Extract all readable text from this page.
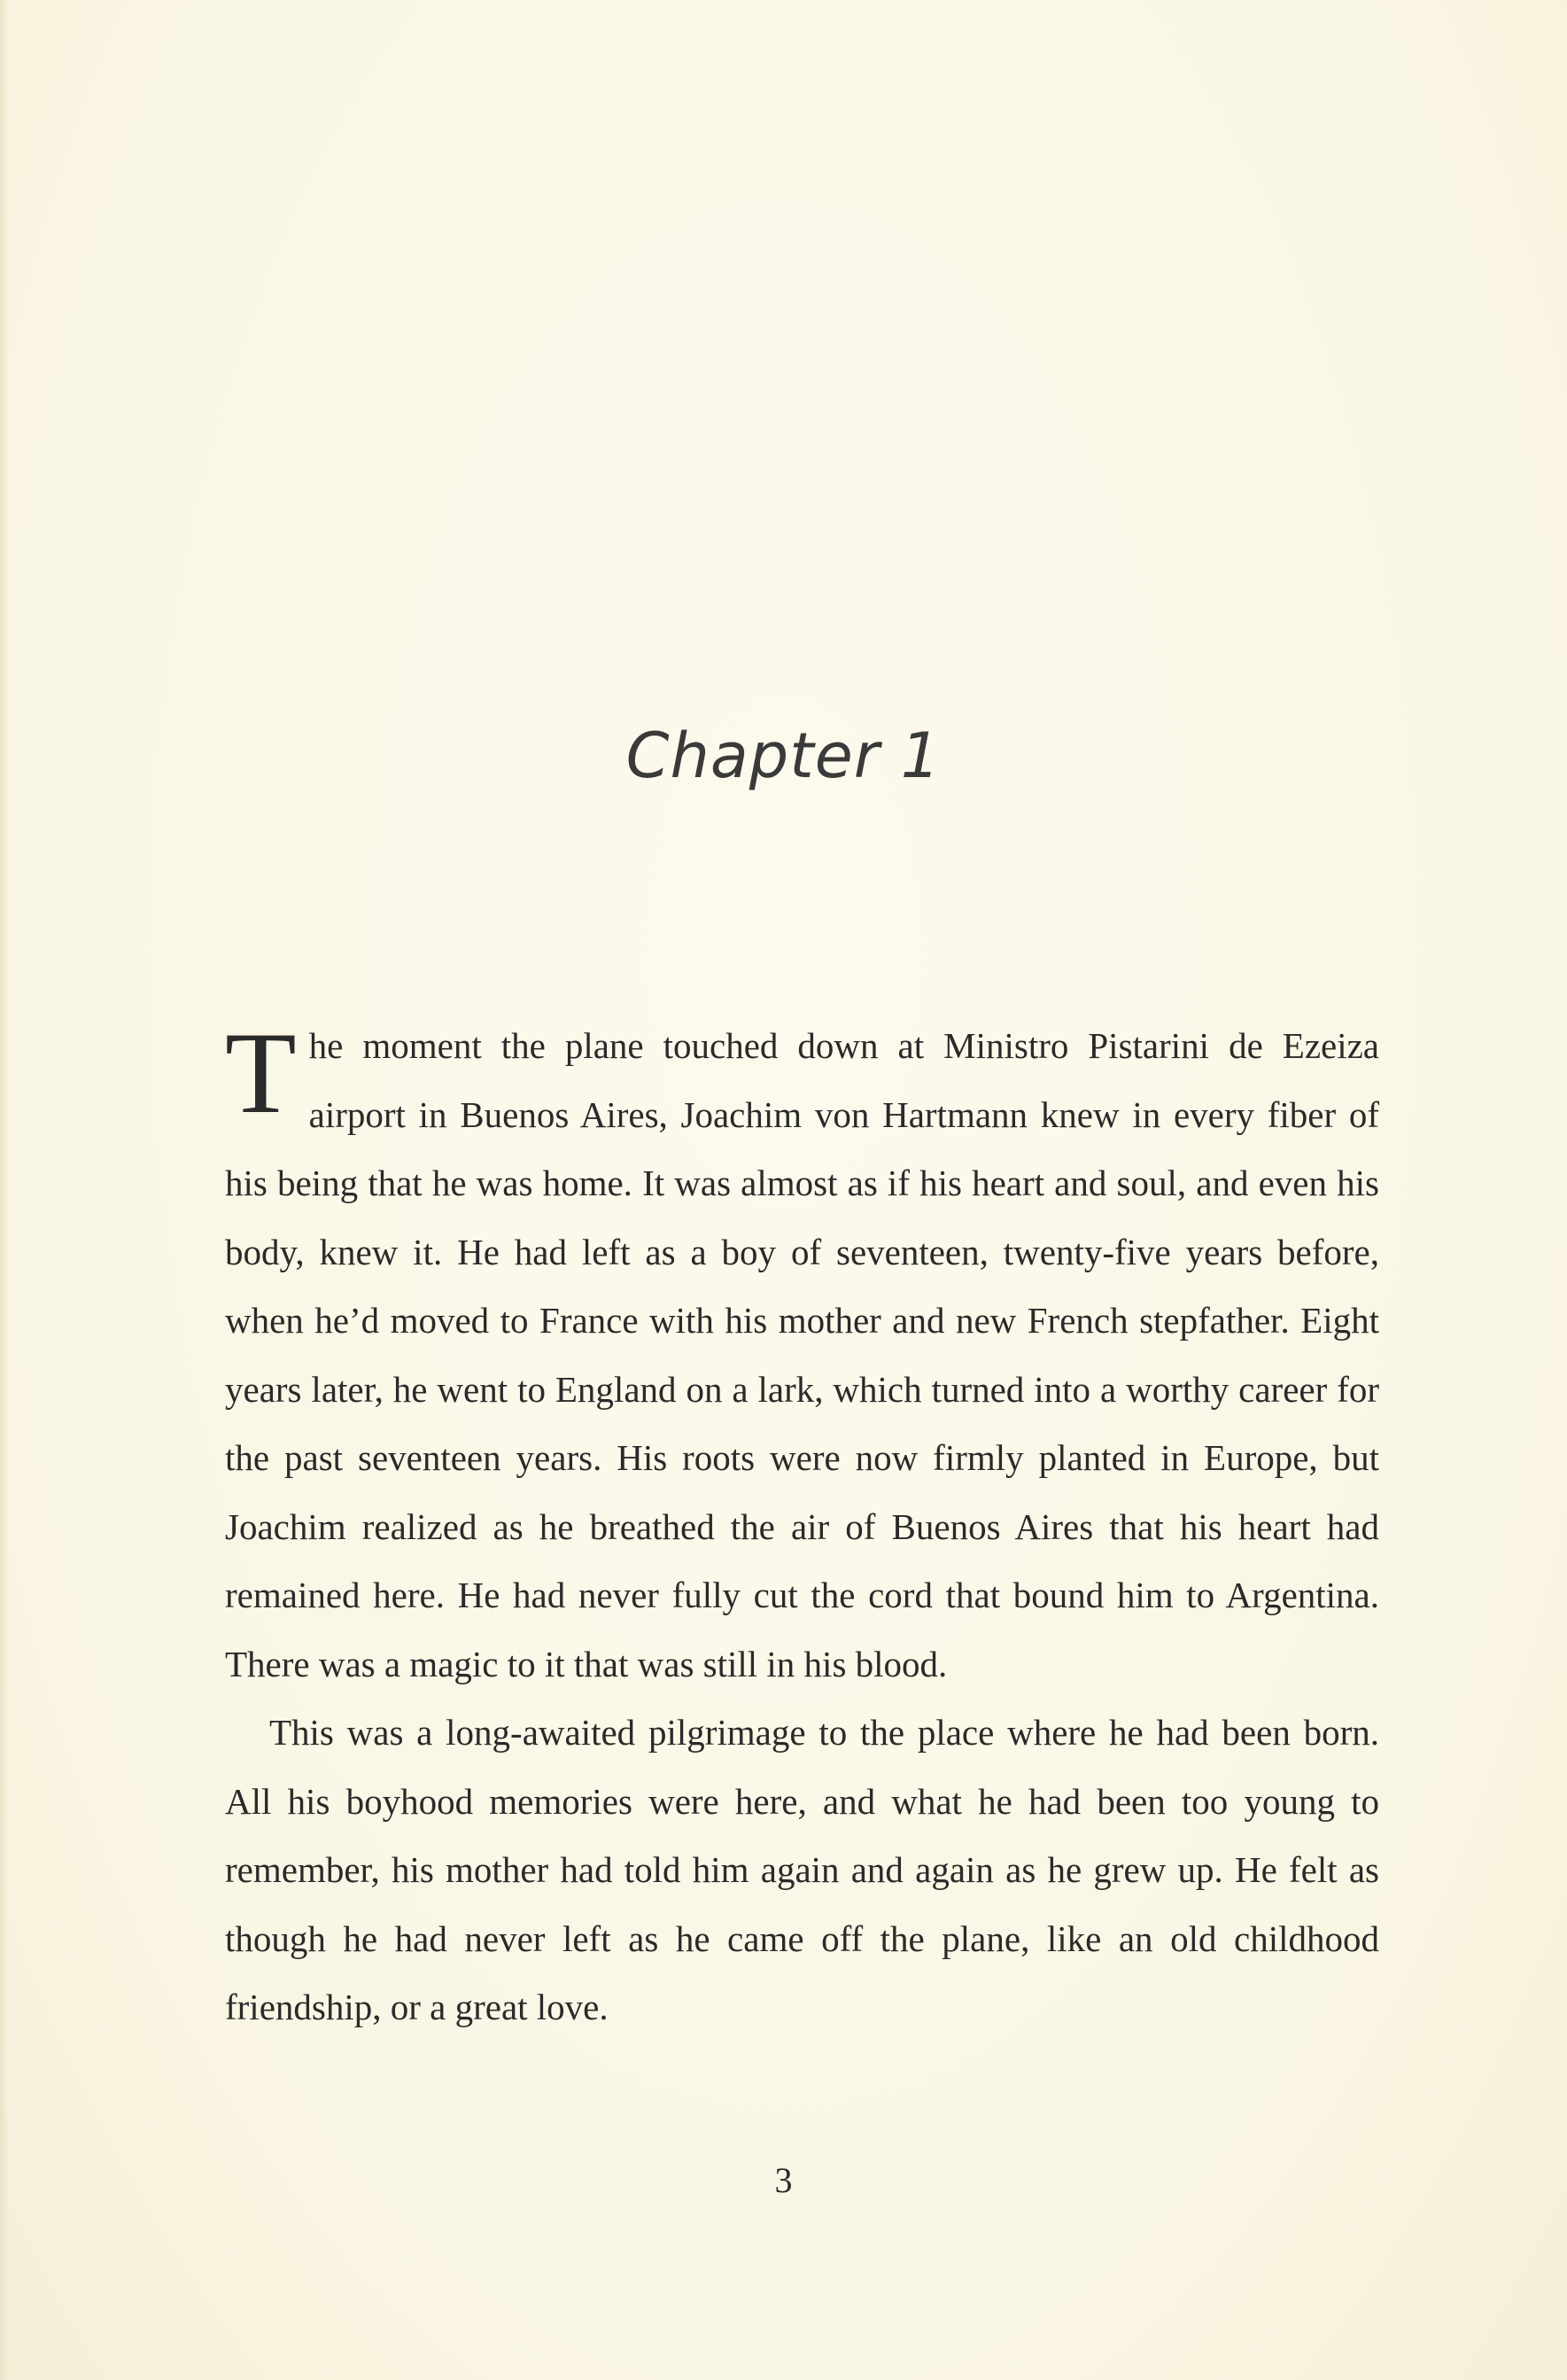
Chapter 1

The moment the plane touched down at Ministro Pistarini de Ezeiza airport in Buenos Aires, Joachim von Hartmann knew in every fiber of his being that he was home. It was almost as if his heart and soul, and even his body, knew it. He had left as a boy of seventeen, twenty-five years before, when he’d moved to France with his mother and new French stepfather. Eight years later, he went to England on a lark, which turned into a worthy career for the past seventeen years. His roots were now firmly planted in Europe, but Joachim realized as he breathed the air of Buenos Aires that his heart had remained here. He had never fully cut the cord that bound him to Argentina. There was a magic to it that was still in his blood.

This was a long-awaited pilgrimage to the place where he had been born. All his boyhood memories were here, and what he had been too young to remember, his mother had told him again and again as he grew up. He felt as though he had never left as he came off the plane, like an old childhood friendship, or a great love.

3
